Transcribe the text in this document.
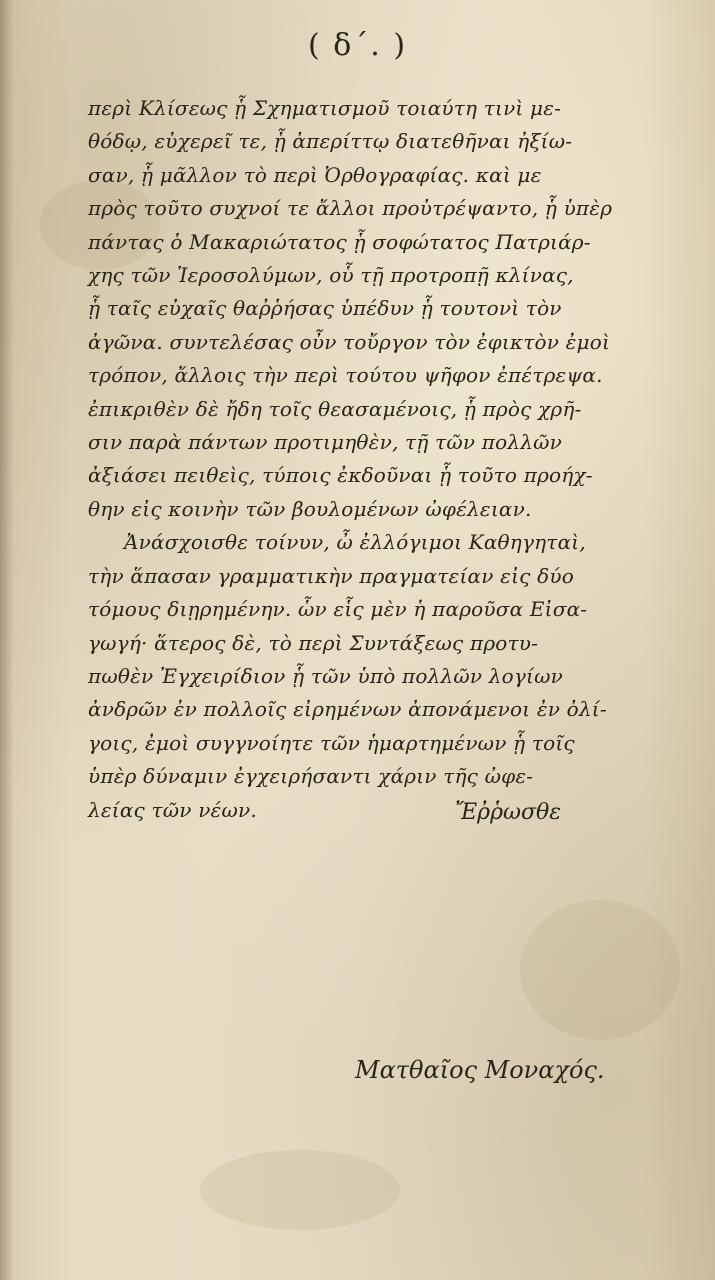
( δ΄. )
περὶ Κλίσεως ᾗ Σχηματισμοῦ τοιαύτη τινὶ με-
θόδῳ, εὐχερεῖ τε, ᾗ ἀπερίττῳ διατεθῆναι ἠξίω-
σαν, ᾗ μᾶλλον τὸ περὶ Ὀρθογραφίας. καὶ με
πρὸς τοῦτο συχνοί τε ἄλλοι προὐτρέψαντο, ᾗ ὑπὲρ
πάντας ὁ Μακαριώτατος ᾗ σοφώτατος Πατριάρ-
χης τῶν Ἱεροσολύμων, οὗ τῇ προτροπῇ κλίνας,
ᾗ ταῖς εὐχαῖς θαῤῥήσας ὑπέδυν ᾗ τουτονὶ τὸν
ἀγῶνα. συντελέσας οὖν τοὔργον τὸν ἐφικτὸν ἐμοὶ
τρόπον, ἄλλοις τὴν περὶ τούτου ψῆφον ἐπέτρεψα.
ἐπικριθὲν δὲ ἤδη τοῖς θεασαμένοις, ᾗ πρὸς χρῆ-
σιν παρὰ πάντων προτιμηθὲν, τῇ τῶν πολλῶν
ἀξιάσει πειθεὶς, τύποις ἐκδοῦναι ᾗ τοῦτο προήχ-
θην εἰς κοινὴν τῶν βουλομένων ὠφέλειαν.
Ἀνάσχοισθε τοίνυν, ὦ ἐλλόγιμοι Καθηγηταὶ,
τὴν ἅπασαν γραμματικὴν πραγματείαν εἰς δύο
τόμους διῃρημένην. ὧν εἷς μὲν ἡ παροῦσα Εἰσα-
γωγή· ἅτερος δὲ, τὸ περὶ Συντάξεως προτυ-
πωθὲν Ἐγχειρίδιον ᾗ τῶν ὑπὸ πολλῶν λογίων
ἀνδρῶν ἐν πολλοῖς εἰρημένων ἀπονάμενοι ἐν ὀλί-
γοις, ἐμοὶ συγγνοίητε τῶν ἡμαρτημένων ᾗ τοῖς
ὑπὲρ δύναμιν ἐγχειρήσαντι χάριν τῆς ὠφε-
λείας τῶν νέων.	Ἔῤῥωσθε
Ματθαῖος Μοναχός.
